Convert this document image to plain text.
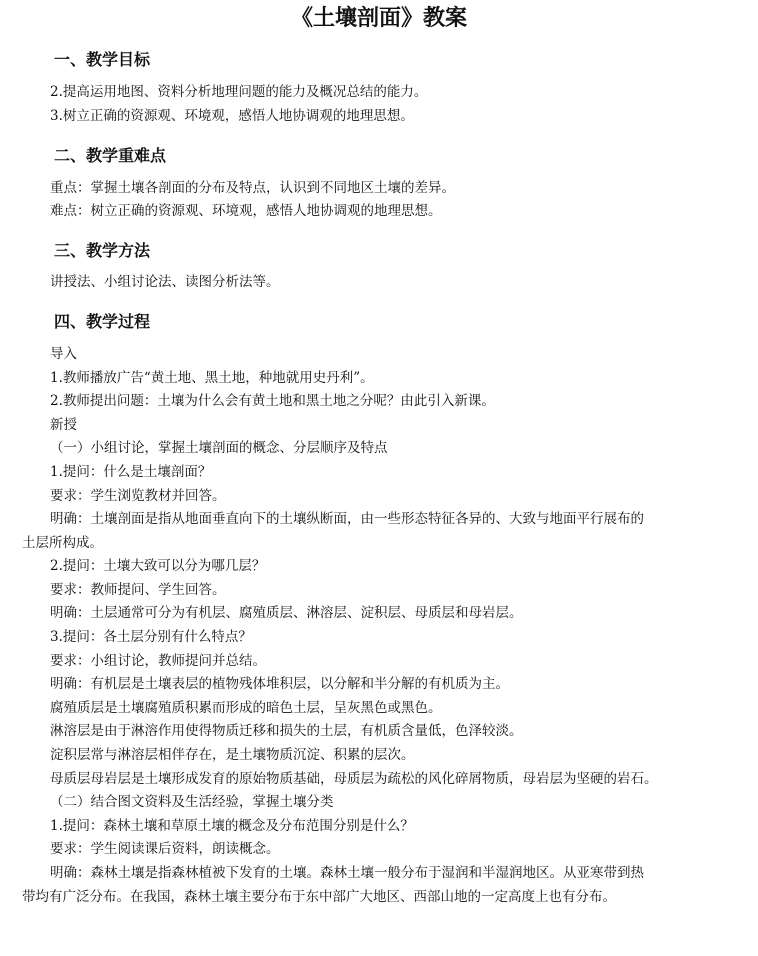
《土壤剖面》教案
一、教学目标
2.提高运用地图、资料分析地理问题的能力及概况总结的能力。
3.树立正确的资源观、环境观，感悟人地协调观的地理思想。
二、教学重难点
重点：掌握土壤各剖面的分布及特点，认识到不同地区土壤的差异。
难点：树立正确的资源观、环境观，感悟人地协调观的地理思想。
三、教学方法
讲授法、小组讨论法、读图分析法等。
四、教学过程
导入
1.教师播放广告“黄土地、黑土地，种地就用史丹利”。
2.教师提出问题：土壤为什么会有黄土地和黑土地之分呢？由此引入新课。
新授
（一）小组讨论，掌握土壤剖面的概念、分层顺序及特点
1.提问：什么是土壤剖面？
要求：学生浏览教材并回答。
明确：土壤剖面是指从地面垂直向下的土壤纵断面，由一些形态特征各异的、大致与地面平行展布的
土层所构成。
2.提问：土壤大致可以分为哪几层？
要求：教师提问、学生回答。
明确：土层通常可分为有机层、腐殖质层、淋溶层、淀积层、母质层和母岩层。
3.提问：各土层分别有什么特点？
要求：小组讨论，教师提问并总结。
明确：有机层是土壤表层的植物残体堆积层，以分解和半分解的有机质为主。
腐殖质层是土壤腐殖质积累而形成的暗色土层，呈灰黑色或黑色。
淋溶层是由于淋溶作用使得物质迁移和损失的土层，有机质含量低，色泽较淡。
淀积层常与淋溶层相伴存在，是土壤物质沉淀、积累的层次。
母质层母岩层是土壤形成发育的原始物质基础，母质层为疏松的风化碎屑物质，母岩层为坚硬的岩石。
（二）结合图文资料及生活经验，掌握土壤分类
1.提问：森林土壤和草原土壤的概念及分布范围分别是什么？
要求：学生阅读课后资料，朗读概念。
明确：森林土壤是指森林植被下发育的土壤。森林土壤一般分布于湿润和半湿润地区。从亚寒带到热
带均有广泛分布。在我国，森林土壤主要分布于东中部广大地区、西部山地的一定高度上也有分布。
